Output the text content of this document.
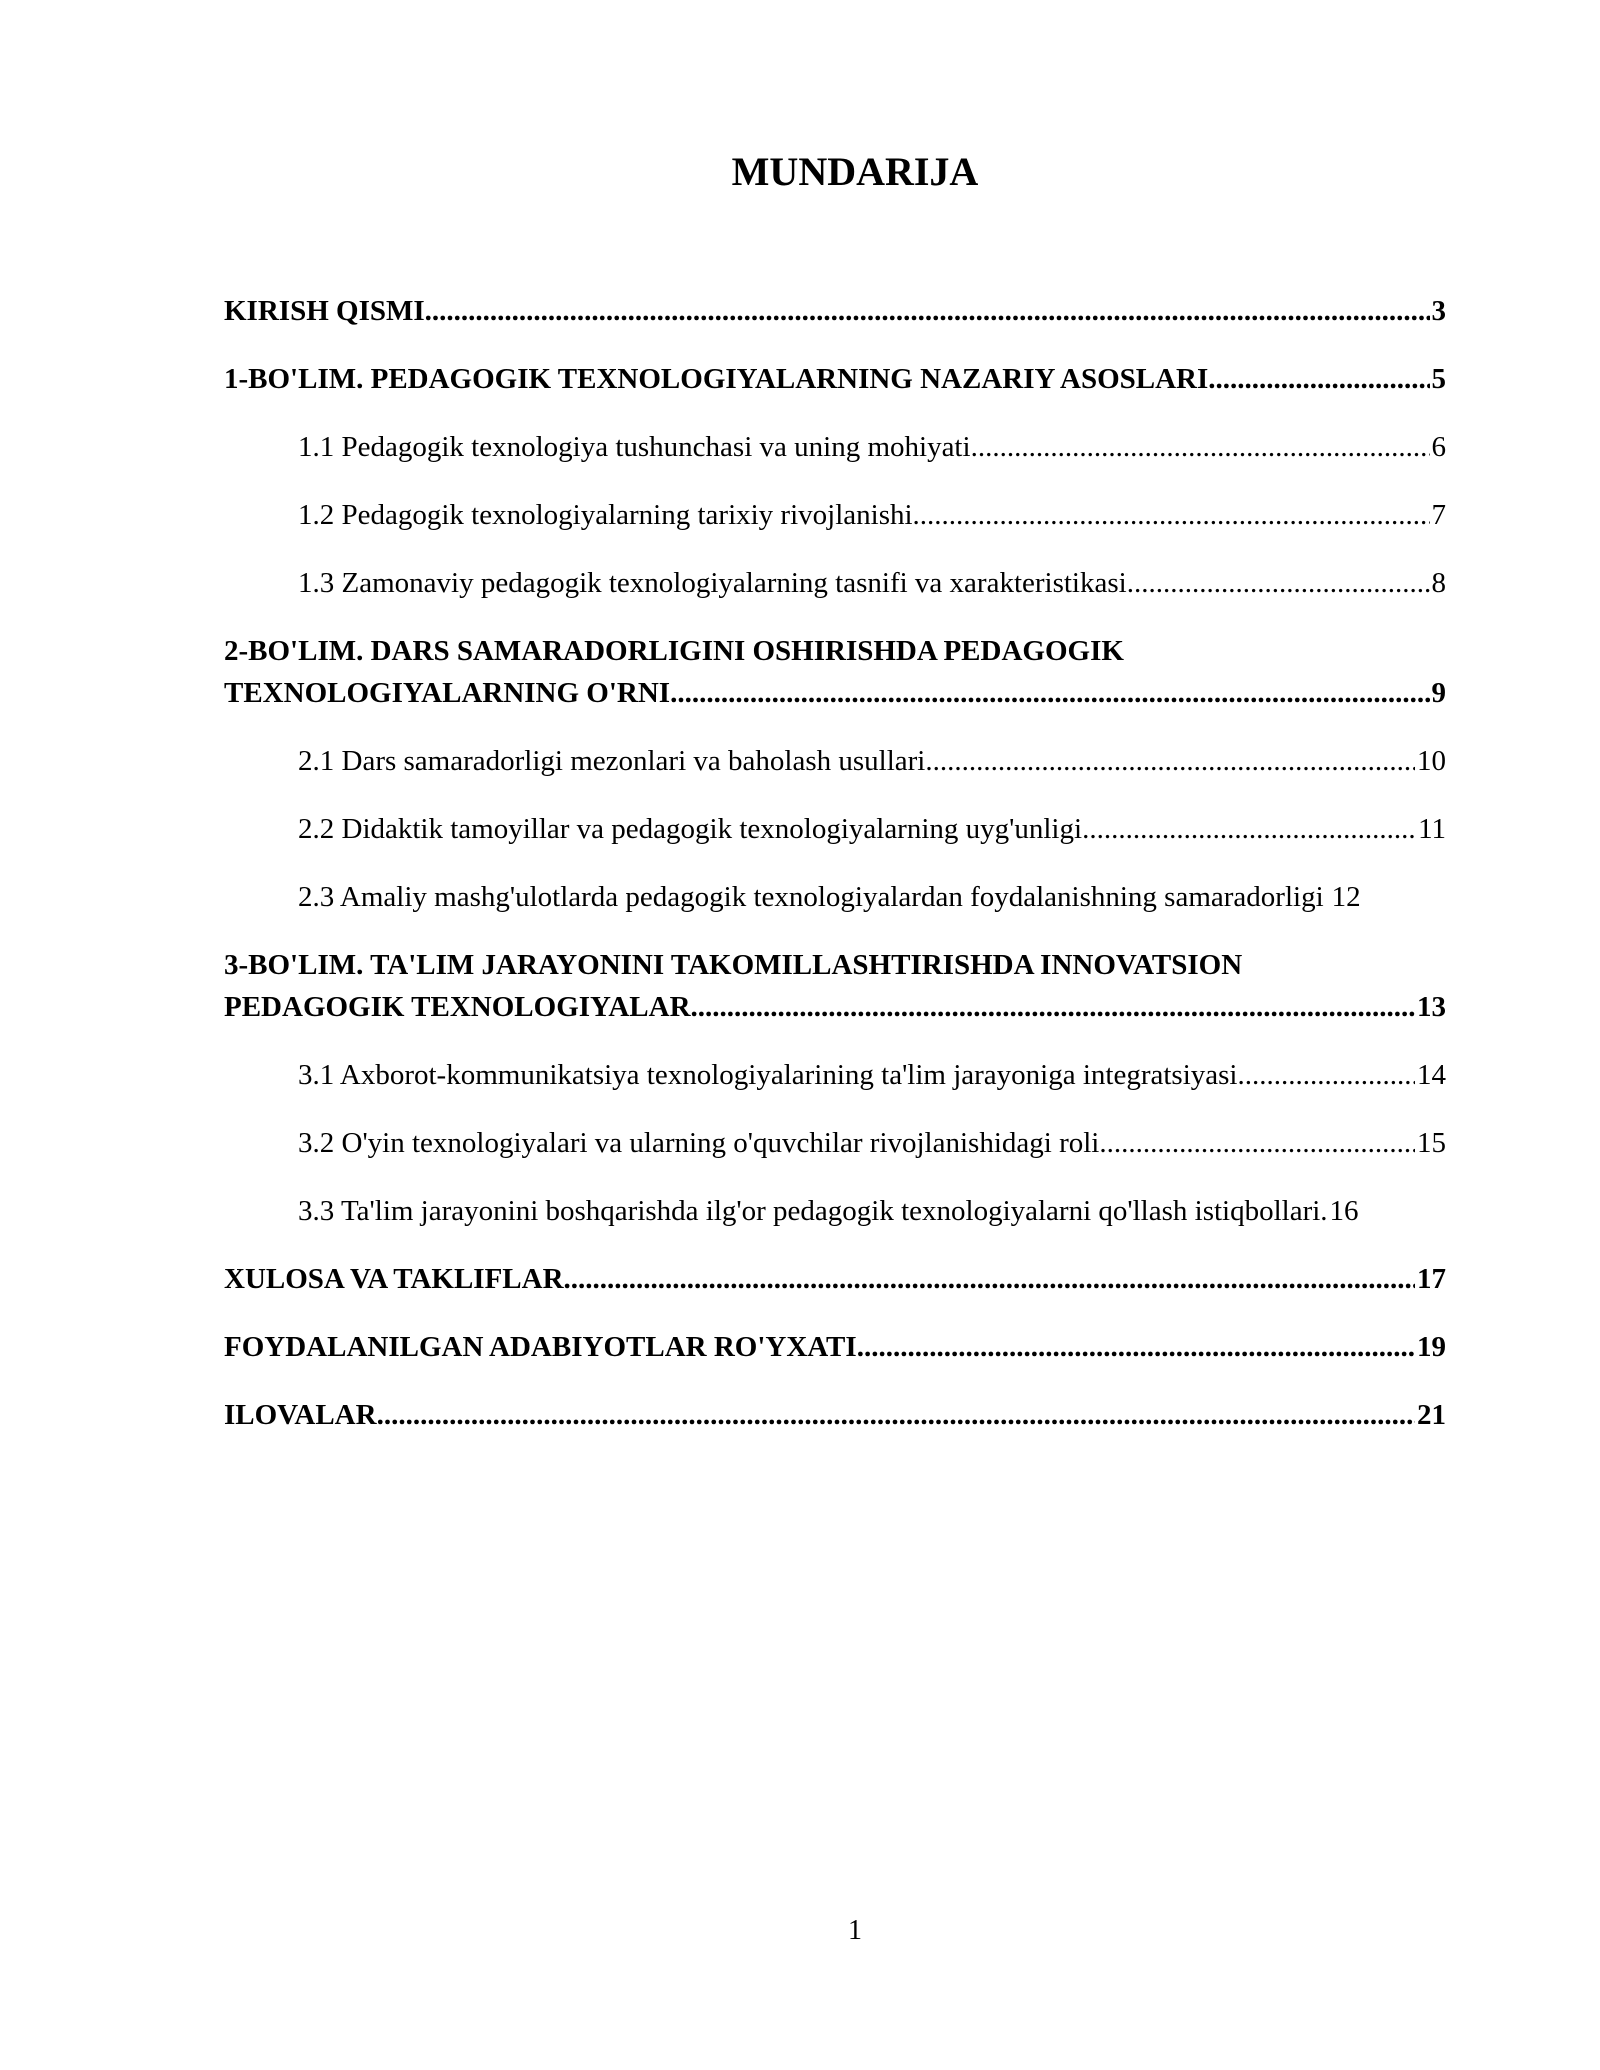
MUNDARIJA
KIRISH QISMI .....	3
1-BO'LIM. PEDAGOGIK TEXNOLOGIYALARNING NAZARIY ASOSLARI .....	5
1.1 Pedagogik texnologiya tushunchasi va uning mohiyati .....	6
1.2 Pedagogik texnologiyalarning tarixiy rivojlanishi .....	7
1.3 Zamonaviy pedagogik texnologiyalarning tasnifi va xarakteristikasi .....	8
2-BO'LIM. DARS SAMARADORLIGINI OSHIRISHDA PEDAGOGIK
TEXNOLOGIYALARNING O'RNI .....	9
2.1 Dars samaradorligi mezonlari va baholash usullari .....	10
2.2 Didaktik tamoyillar va pedagogik texnologiyalarning uyg'unligi .....	11
2.3 Amaliy mashg'ulotlarda pedagogik texnologiyalardan foydalanishning samaradorligi 12
3-BO'LIM. TA'LIM JARAYONINI TAKOMILLASHTIRISHDA INNOVATSION
PEDAGOGIK TEXNOLOGIYALAR .....	13
3.1 Axborot-kommunikatsiya texnologiyalarining ta'lim jarayoniga integratsiyasi .....	14
3.2 O'yin texnologiyalari va ularning o'quvchilar rivojlanishidagi roli .....	15
3.3 Ta'lim jarayonini boshqarishda ilg'or pedagogik texnologiyalarni qo'llash istiqbollari. 16
XULOSA VA TAKLIFLAR .....	17
FOYDALANILGAN ADABIYOTLAR RO'YXATI .....	19
ILOVALAR .....	21
1
